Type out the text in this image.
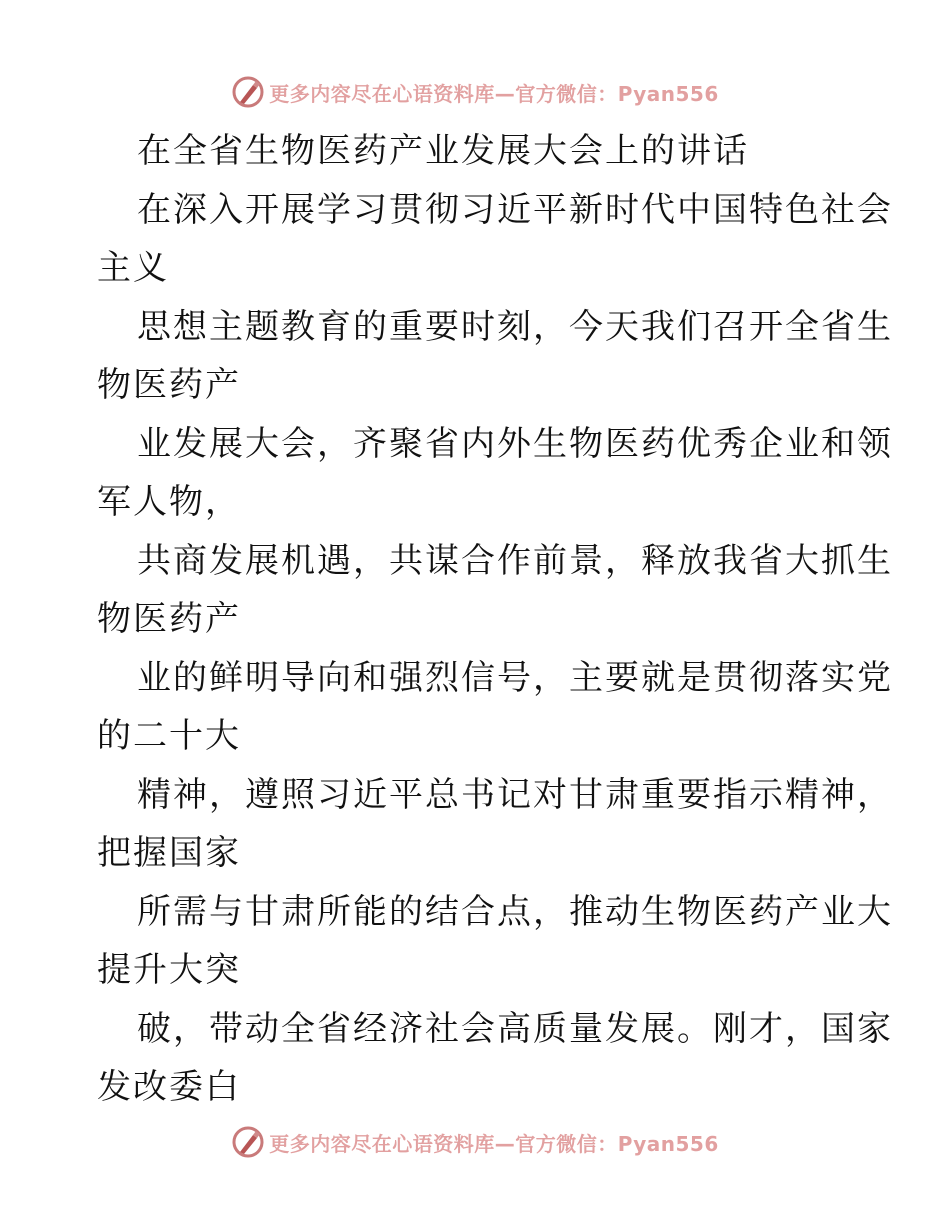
更多内容尽在心语资料库—官方微信：Pyan556
在全省生物医药产业发展大会上的讲话
在深入开展学习贯彻习近平新时代中国特色社会
主义
思想主题教育的重要时刻，今天我们召开全省生
物医药产
业发展大会，齐聚省内外生物医药优秀企业和领
军人物，
共商发展机遇，共谋合作前景，释放我省大抓生
物医药产
业的鲜明导向和强烈信号，主要就是贯彻落实党
的二十大
精神，遵照习近平总书记对甘肃重要指示精神，
把握国家
所需与甘肃所能的结合点，推动生物医药产业大
提升大突
破，带动全省经济社会高质量发展。刚才，国家
发改委白
更多内容尽在心语资料库—官方微信：Pyan556
